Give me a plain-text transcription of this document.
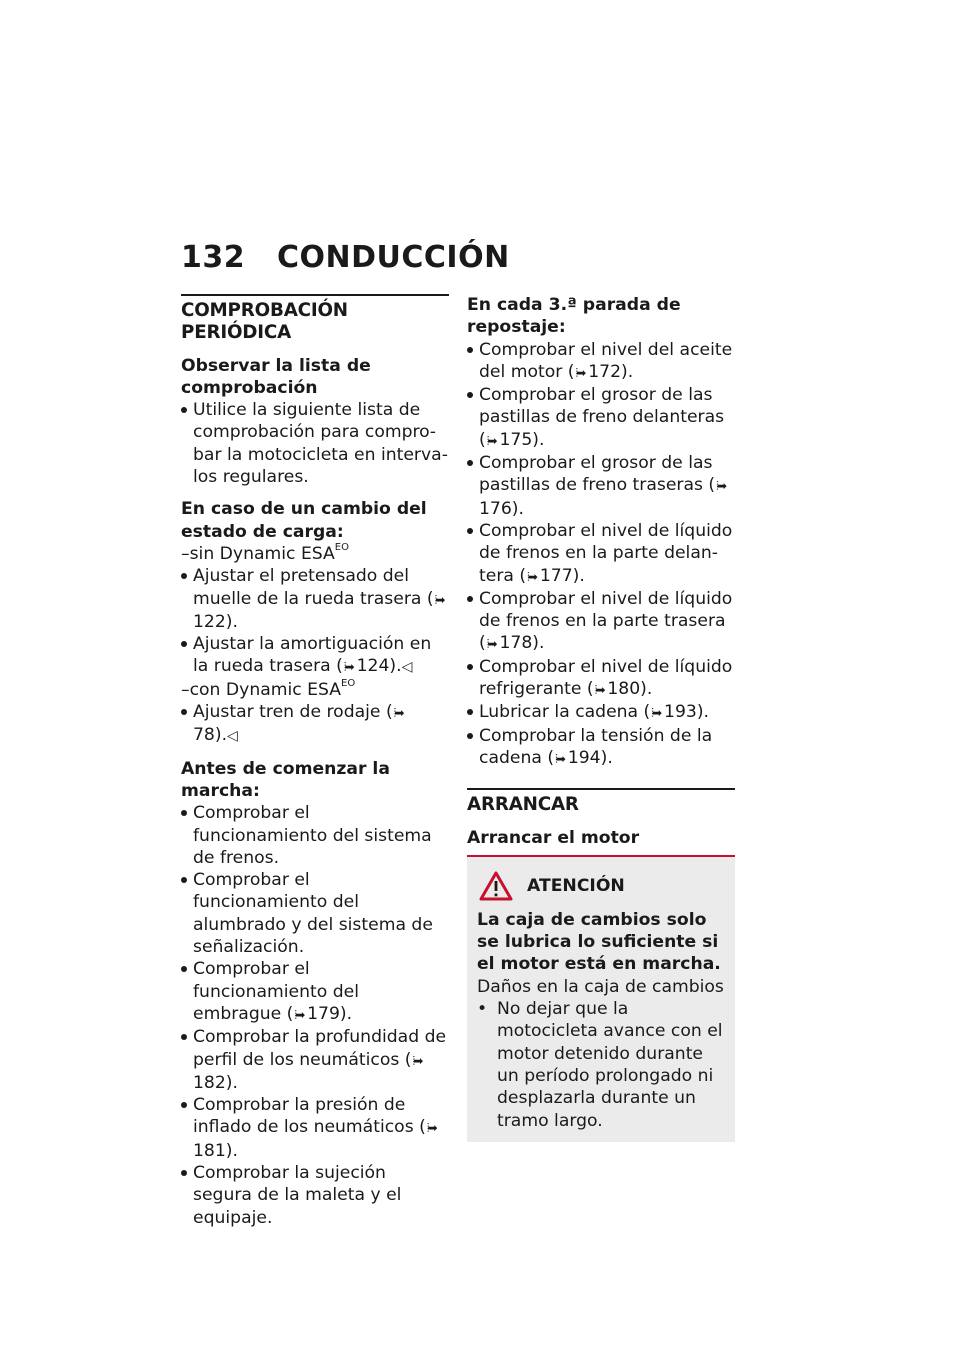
132 CONDUCCIÓN
COMPROBACIÓN PERIÓDICA
Observar la lista de comprobación
Utilice la siguiente lista de comprobación para comprobar la motocicleta en intervalos regulares.
En caso de un cambio del estado de carga:
–sin Dynamic $ESA^{EO}$
Ajustar el pretensado del muelle de la rueda trasera (⦙➡122).
Ajustar la amortiguación en la rueda trasera (⦙➡ 124).◁
–con Dynamic $ESA^{EO}$
Ajustar tren de rodaje (⦙➡78).◁
Antes de comenzar la marcha:
Comprobar el funcionamiento del sistema de frenos.
Comprobar el funcionamiento del alumbrado y del sistema de señalización.
Comprobar el funcionamiento del embrague (⦙➡ 179).
Comprobar la profundidad de perfil de los neumáticos (⦙➡182).
Comprobar la presión de inflado de los neumáticos (⦙➡181).
Comprobar la sujeción segura de la maleta y el equipaje.
En cada 3.ª parada de repostaje:
Comprobar el nivel del aceite del motor (⦙➡ 172).
Comprobar el grosor de las pastillas de freno delanteras (⦙➡ 175).
Comprobar el grosor de las pastillas de freno traseras (⦙➡176).
Comprobar el nivel de líquido de frenos en la parte delantera (⦙➡ 177).
Comprobar el nivel de líquido de frenos en la parte trasera (⦙➡ 178).
Comprobar el nivel de líquido refrigerante (⦙➡ 180).
Lubricar la cadena (⦙➡ 193).
Comprobar la tensión de la cadena (⦙➡ 194).
ARRANCAR
Arrancar el motor
ATENCIÓN
La caja de cambios solo se lubrica lo suficiente si el motor está en marcha.
Daños en la caja de cambios
• No dejar que la motocicleta avance con el motor detenido durante un período prolongado ni desplazarla durante un tramo largo.
